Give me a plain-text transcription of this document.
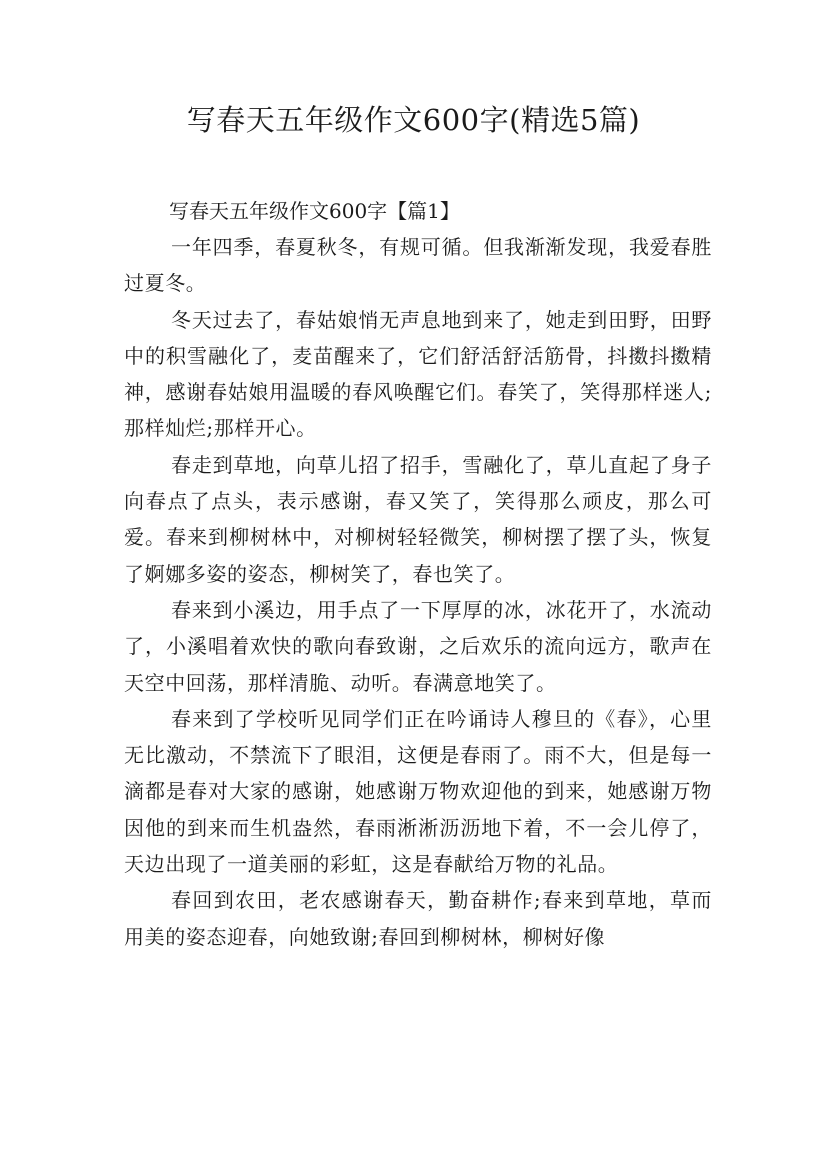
写春天五年级作文600字(精选5篇)
写春天五年级作文600字【篇1】

一年四季，春夏秋冬，有规可循。但我渐渐发现，我爱春胜过夏冬。

冬天过去了，春姑娘悄无声息地到来了，她走到田野，田野中的积雪融化了，麦苗醒来了，它们舒活舒活筋骨，抖擞抖擞精神，感谢春姑娘用温暖的春风唤醒它们。春笑了，笑得那样迷人;那样灿烂;那样开心。

春走到草地，向草儿招了招手，雪融化了，草儿直起了身子向春点了点头，表示感谢，春又笑了，笑得那么顽皮，那么可爱。春来到柳树林中，对柳树轻轻微笑，柳树摆了摆了头，恢复了婀娜多姿的姿态，柳树笑了，春也笑了。

春来到小溪边，用手点了一下厚厚的冰，冰花开了，水流动了，小溪唱着欢快的歌向春致谢，之后欢乐的流向远方，歌声在天空中回荡，那样清脆、动听。春满意地笑了。

春来到了学校听见同学们正在吟诵诗人穆旦的《春》，心里无比激动，不禁流下了眼泪，这便是春雨了。雨不大，但是每一滴都是春对大家的感谢，她感谢万物欢迎他的到来，她感谢万物因他的到来而生机盎然，春雨淅淅沥沥地下着，不一会儿停了，天边出现了一道美丽的彩虹，这是春献给万物的礼品。

春回到农田，老农感谢春天，勤奋耕作;春来到草地，草而用美的姿态迎春，向她致谢;春回到柳树林，柳树好像
